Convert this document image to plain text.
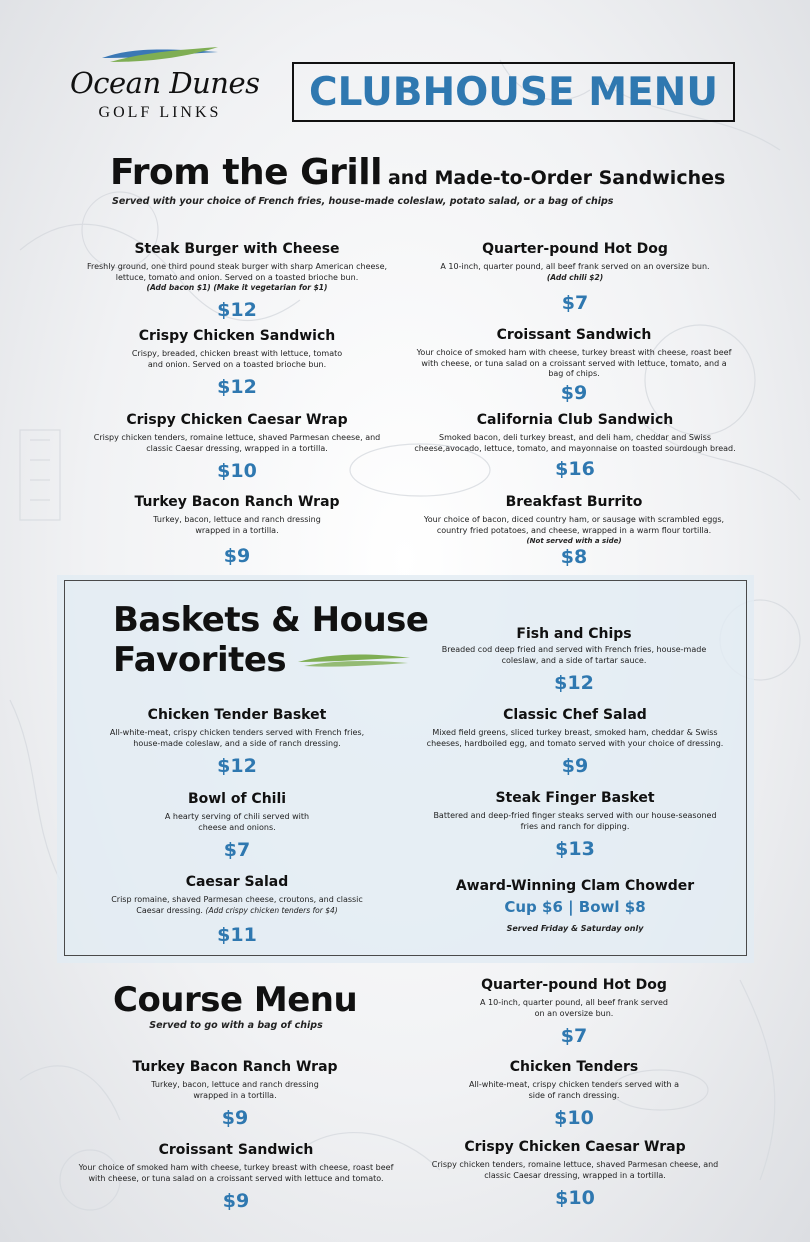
Ocean Dunes
GOLF LINKS	CLUBHOUSE MENU
From the Grill and Made-to-Order Sandwiches
Served with your choice of French fries, house-made coleslaw, potato salad, or a bag of chips
Steak Burger with Cheese
Freshly ground, one third pound steak burger with sharp American cheese, lettuce, tomato and onion. Served on a toasted brioche bun.
(Add bacon $1) (Make it vegetarian for $1)
$12
Quarter-pound Hot Dog
A 10-inch, quarter pound, all beef frank served on an oversize bun.
(Add chili $2)
$7
Crispy Chicken Sandwich
Crispy, breaded, chicken breast with lettuce, tomato and onion. Served on a toasted brioche bun.
$12
Croissant Sandwich
Your choice of smoked ham with cheese, turkey breast with cheese, roast beef with cheese, or tuna salad on a croissant served with lettuce, tomato, and a bag of chips.
$9
Crispy Chicken Caesar Wrap
Crispy chicken tenders, romaine lettuce, shaved Parmesan cheese, and classic Caesar dressing, wrapped in a tortilla.
$10
California Club Sandwich
Smoked bacon, deli turkey breast, and deli ham, cheddar and Swiss cheese,avocado, lettuce, tomato, and mayonnaise on toasted sourdough bread.
$16
Turkey Bacon Ranch Wrap
Turkey, bacon, lettuce and ranch dressing wrapped in a tortilla.
$9
Breakfast Burrito
Your choice of bacon, diced country ham, or sausage with scrambled eggs, country fried potatoes, and cheese, wrapped in a warm flour tortilla.
(Not served with a side)
$8
Baskets & House
Favorites
Fish and Chips
Breaded cod deep fried and served with French fries, house-made coleslaw, and a side of tartar sauce.
$12
Chicken Tender Basket
All-white-meat, crispy chicken tenders served with French fries, house-made coleslaw, and a side of ranch dressing.
$12
Classic Chef Salad
Mixed field greens, sliced turkey breast, smoked ham, cheddar & Swiss cheeses, hardboiled egg, and tomato served with your choice of dressing.
$9
Bowl of Chili
A hearty serving of chili served with cheese and onions.
$7
Steak Finger Basket
Battered and deep-fried finger steaks served with our house-seasoned fries and ranch for dipping.
$13
Caesar Salad
Crisp romaine, shaved Parmesan cheese, croutons, and classic Caesar dressing. (Add crispy chicken tenders for $4)
$11
Award-Winning Clam Chowder
Cup $6 | Bowl $8
Served Friday & Saturday only
Course Menu
Served to go with a bag of chips
Quarter-pound Hot Dog
A 10-inch, quarter pound, all beef frank served on an oversize bun.
$7
Turkey Bacon Ranch Wrap
Turkey, bacon, lettuce and ranch dressing wrapped in a tortilla.
$9
Chicken Tenders
All-white-meat, crispy chicken tenders served with a side of ranch dressing.
$10
Croissant Sandwich
Your choice of smoked ham with cheese, turkey breast with cheese, roast beef with cheese, or tuna salad on a croissant served with lettuce and tomato.
$9
Crispy Chicken Caesar Wrap
Crispy chicken tenders, romaine lettuce, shaved Parmesan cheese, and classic Caesar dressing, wrapped in a tortilla.
$10
